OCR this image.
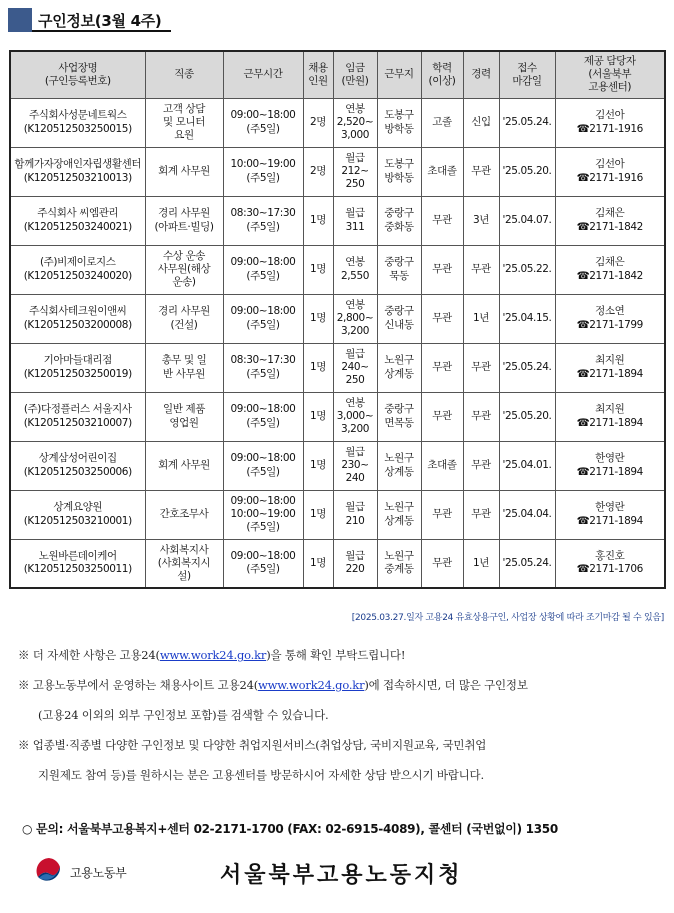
구인정보(3월 4주)
사업장명
(구인등록번호)	직종	근무시간	채용
인원	임금
(만원)	근무지	학력
(이상)	경력	접수
마감일	제공 담당자
(서울북부
고용센터)
주식회사성문네트웍스
(K120512503250015)	고객 상담
및 모니터
요원	09:00~18:00
(주5일)	2명	연봉
2,520~
3,000	도봉구
방학동	고졸	신입	'25.05.24.	김선아
☎2171-1916
함께가자장애인자립생활센터
(K120512503210013)	회계 사무원	10:00~19:00
(주5일)	2명	월급
212~
250	도봉구
방학동	초대졸	무관	'25.05.20.	김선아
☎2171-1916
주식회사 씨엠관리
(K120512503240021)	경리 사무원
(아파트·빌딩)	08:30~17:30
(주5일)	1명	월급
311	중랑구
중화동	무관	3년	'25.04.07.	김채은
☎2171-1842
(주)비제이로지스
(K120512503240020)	수상 운송
사무원(해상
운송)	09:00~18:00
(주5일)	1명	연봉
2,550	중랑구
묵동	무관	무관	'25.05.22.	김채은
☎2171-1842
주식회사테크원이앤씨
(K120512503200008)	경리 사무원
(건설)	09:00~18:00
(주5일)	1명	연봉
2,800~
3,200	중랑구
신내동	무관	1년	'25.04.15.	정소연
☎2171-1799
기아마들대리점
(K120512503250019)	총무 및 일
반 사무원	08:30~17:30
(주5일)	1명	월급
240~
250	노원구
상계동	무관	무관	'25.05.24.	최지원
☎2171-1894
(주)다정플러스 서울지사
(K120512503210007)	일반 제품
영업원	09:00~18:00
(주5일)	1명	연봉
3,000~
3,200	중랑구
면목동	무관	무관	'25.05.20.	최지원
☎2171-1894
상계삼성어린이집
(K120512503250006)	회계 사무원	09:00~18:00
(주5일)	1명	월급
230~
240	노원구
상계동	초대졸	무관	'25.04.01.	한영란
☎2171-1894
상계요양원
(K120512503210001)	간호조무사	09:00~18:00
10:00~19:00
(주5일)	1명	월급
210	노원구
상계동	무관	무관	'25.04.04.	한영란
☎2171-1894
노원바른데이케어
(K120512503250011)	사회복지사
(사회복지시
설)	09:00~18:00
(주5일)	1명	월급
220	노원구
중계동	무관	1년	'25.05.24.	홍진호
☎2171-1706
[2025.03.27.일자 고용24 유효상용구인, 사업장 상황에 따라 조기마감 될 수 있음]

※ 더 자세한 사항은 고용24(www.work24.go.kr)을 통해 확인 부탁드립니다!

※ 고용노동부에서 운영하는 채용사이트 고용24(www.work24.go.kr)에 접속하시면, 더 많은 구인정보

(고용24 이외의 외부 구인정보 포함)를 검색할 수 있습니다.

※ 업종별·직종별 다양한 구인정보 및 다양한 취업지원서비스(취업상담, 국비지원교육, 국민취업

지원제도 참여 등)를 원하시는 분은 고용센터를 방문하시어 자세한 상담 받으시기 바랍니다.

○ 문의: 서울북부고용복지+센터 02-2171-1700 (FAX: 02-6915-4089), 콜센터 (국번없이) 1350
고용노동부	서울북부고용노동지청
